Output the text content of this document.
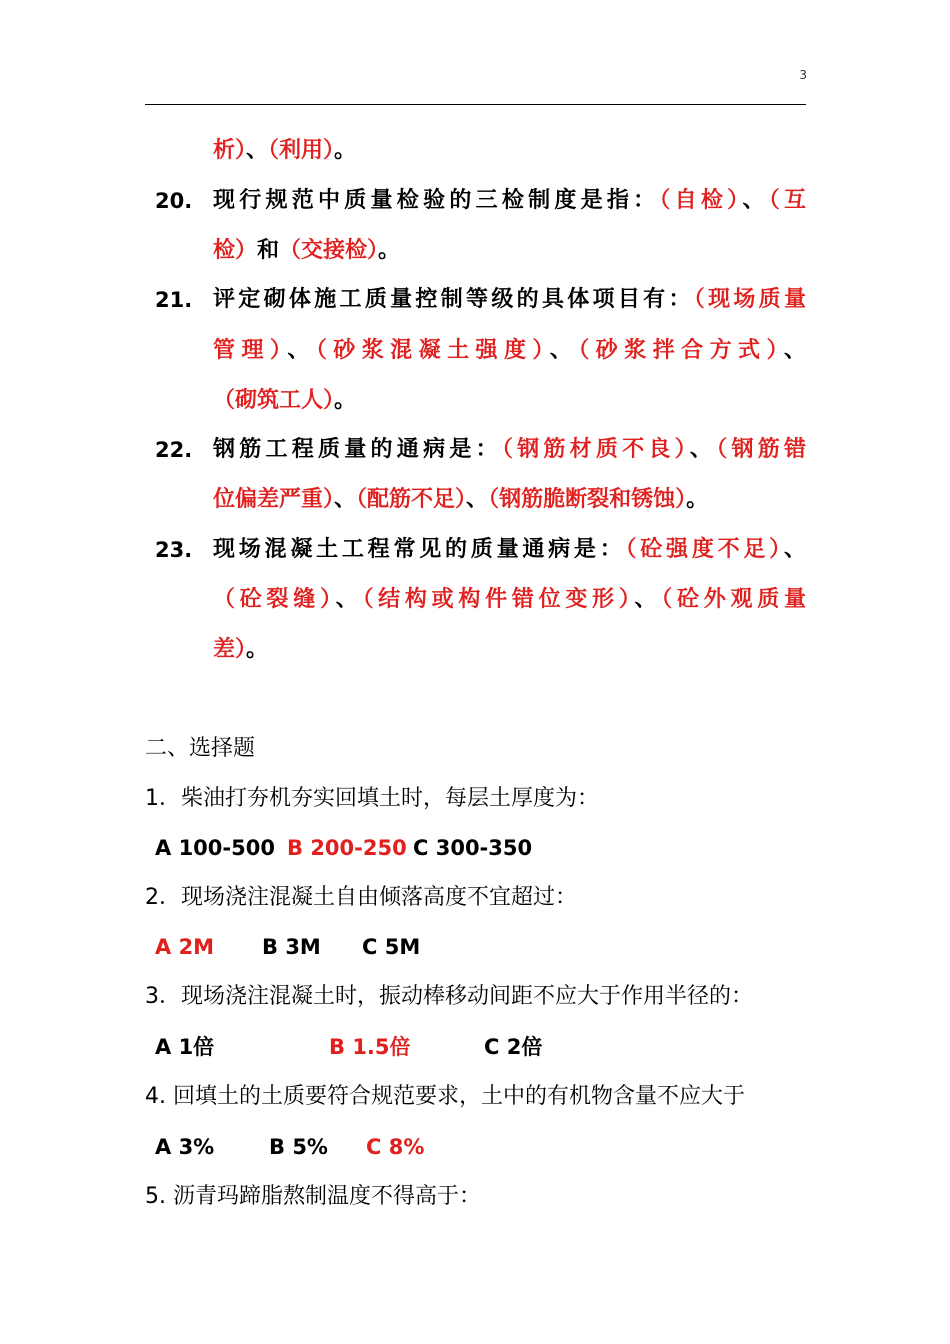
3
析）、（利用）。
20. 现行规范中质量检验的三检制度是指：（自检）、（互
检）和（交接检）。
21. 评定砌体施工质量控制等级的具体项目有：（现场质量
管理）、（砂浆混凝土强度）、（砂浆拌合方式）、
（砌筑工人）。
22. 钢筋工程质量的通病是：（钢筋材质不良）、（钢筋错
位偏差严重）、（配筋不足）、（钢筋脆断裂和锈蚀）。
23. 现场混凝土工程常见的质量通病是：（砼强度不足）、
（砼裂缝）、（结构或构件错位变形）、（砼外观质量
差）。
二、选择题
1．柴油打夯机夯实回填土时，每层土厚度为：
A 100-500 B 200-250 C 300-350
2．现场浇注混凝土自由倾落高度不宜超过：
A 2M B 3M C 5M
3．现场浇注混凝土时，振动棒移动间距不应大于作用半径的：
A 1倍	B 1.5倍	C 2倍
4. 回填土的土质要符合规范要求，土中的有机物含量不应大于
A 3%	B 5% C 8%
5. 沥青玛蹄脂熬制温度不得高于：
